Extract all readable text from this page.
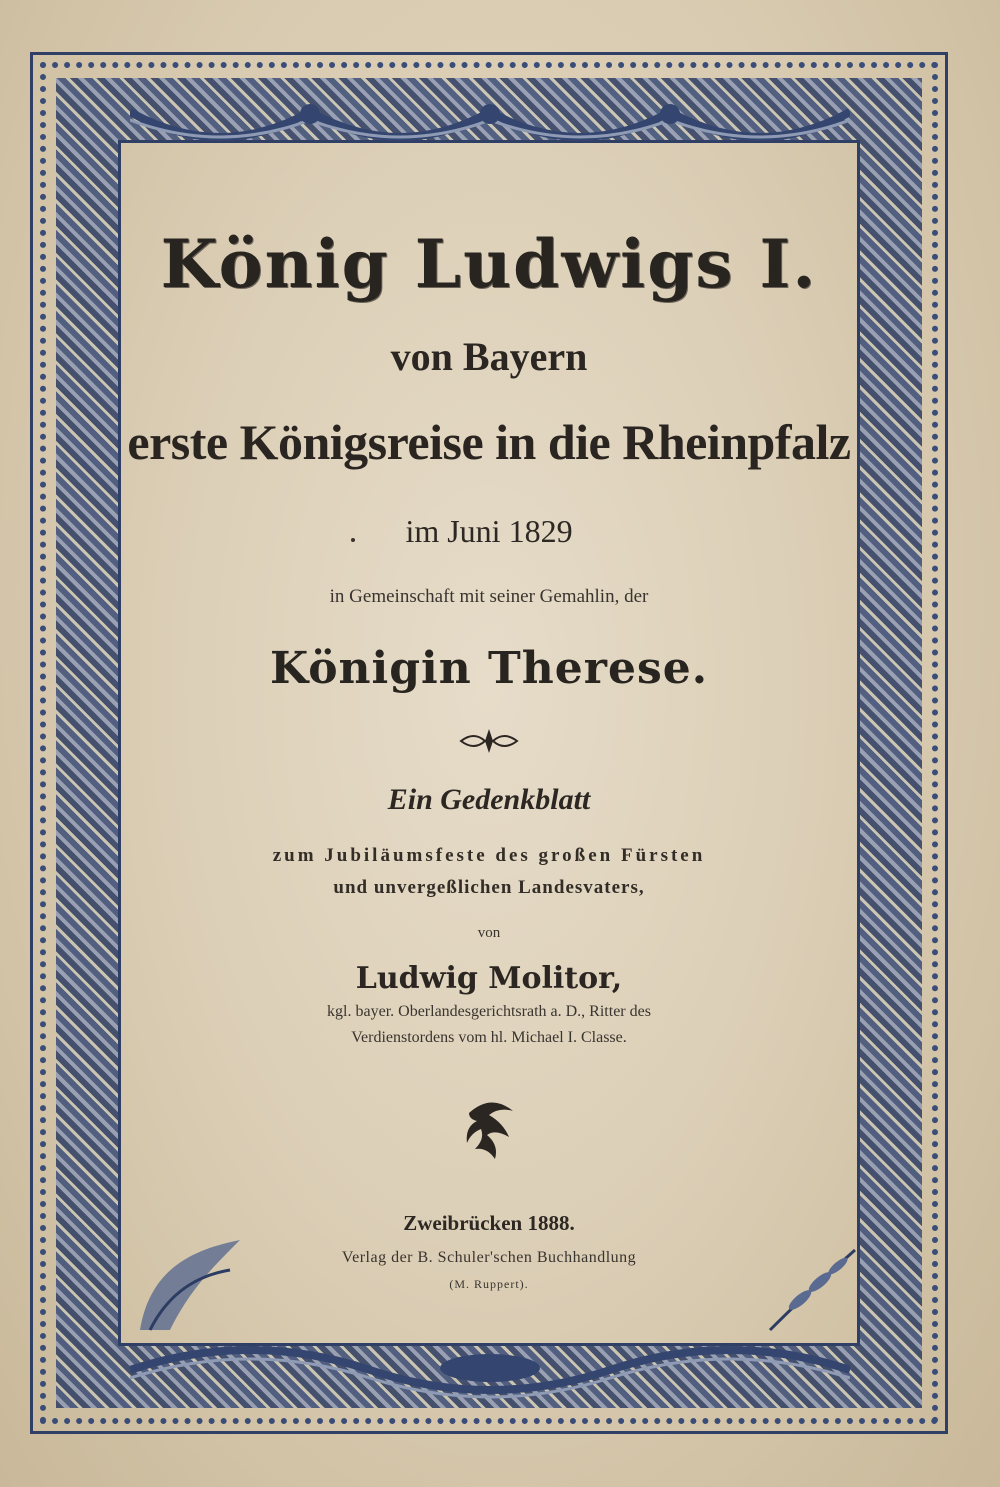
König Ludwigs I.
von Bayern
erste Königsreise in die Rheinpfalz
im Juni 1829
in Gemeinschaft mit seiner Gemahlin, der
Königin Therese.
Ein Gedenkblatt
zum Jubiläumsfeste des großen Fürsten
und unvergeßlichen Landesvaters,
von
Ludwig Molitor,
kgl. bayer. Oberlandesgerichtsrath a. D., Ritter des
Verdienstordens vom hl. Michael I. Classe.
Zweibrücken 1888.
Verlag der B. Schuler'schen Buchhandlung
(M. Ruppert).
